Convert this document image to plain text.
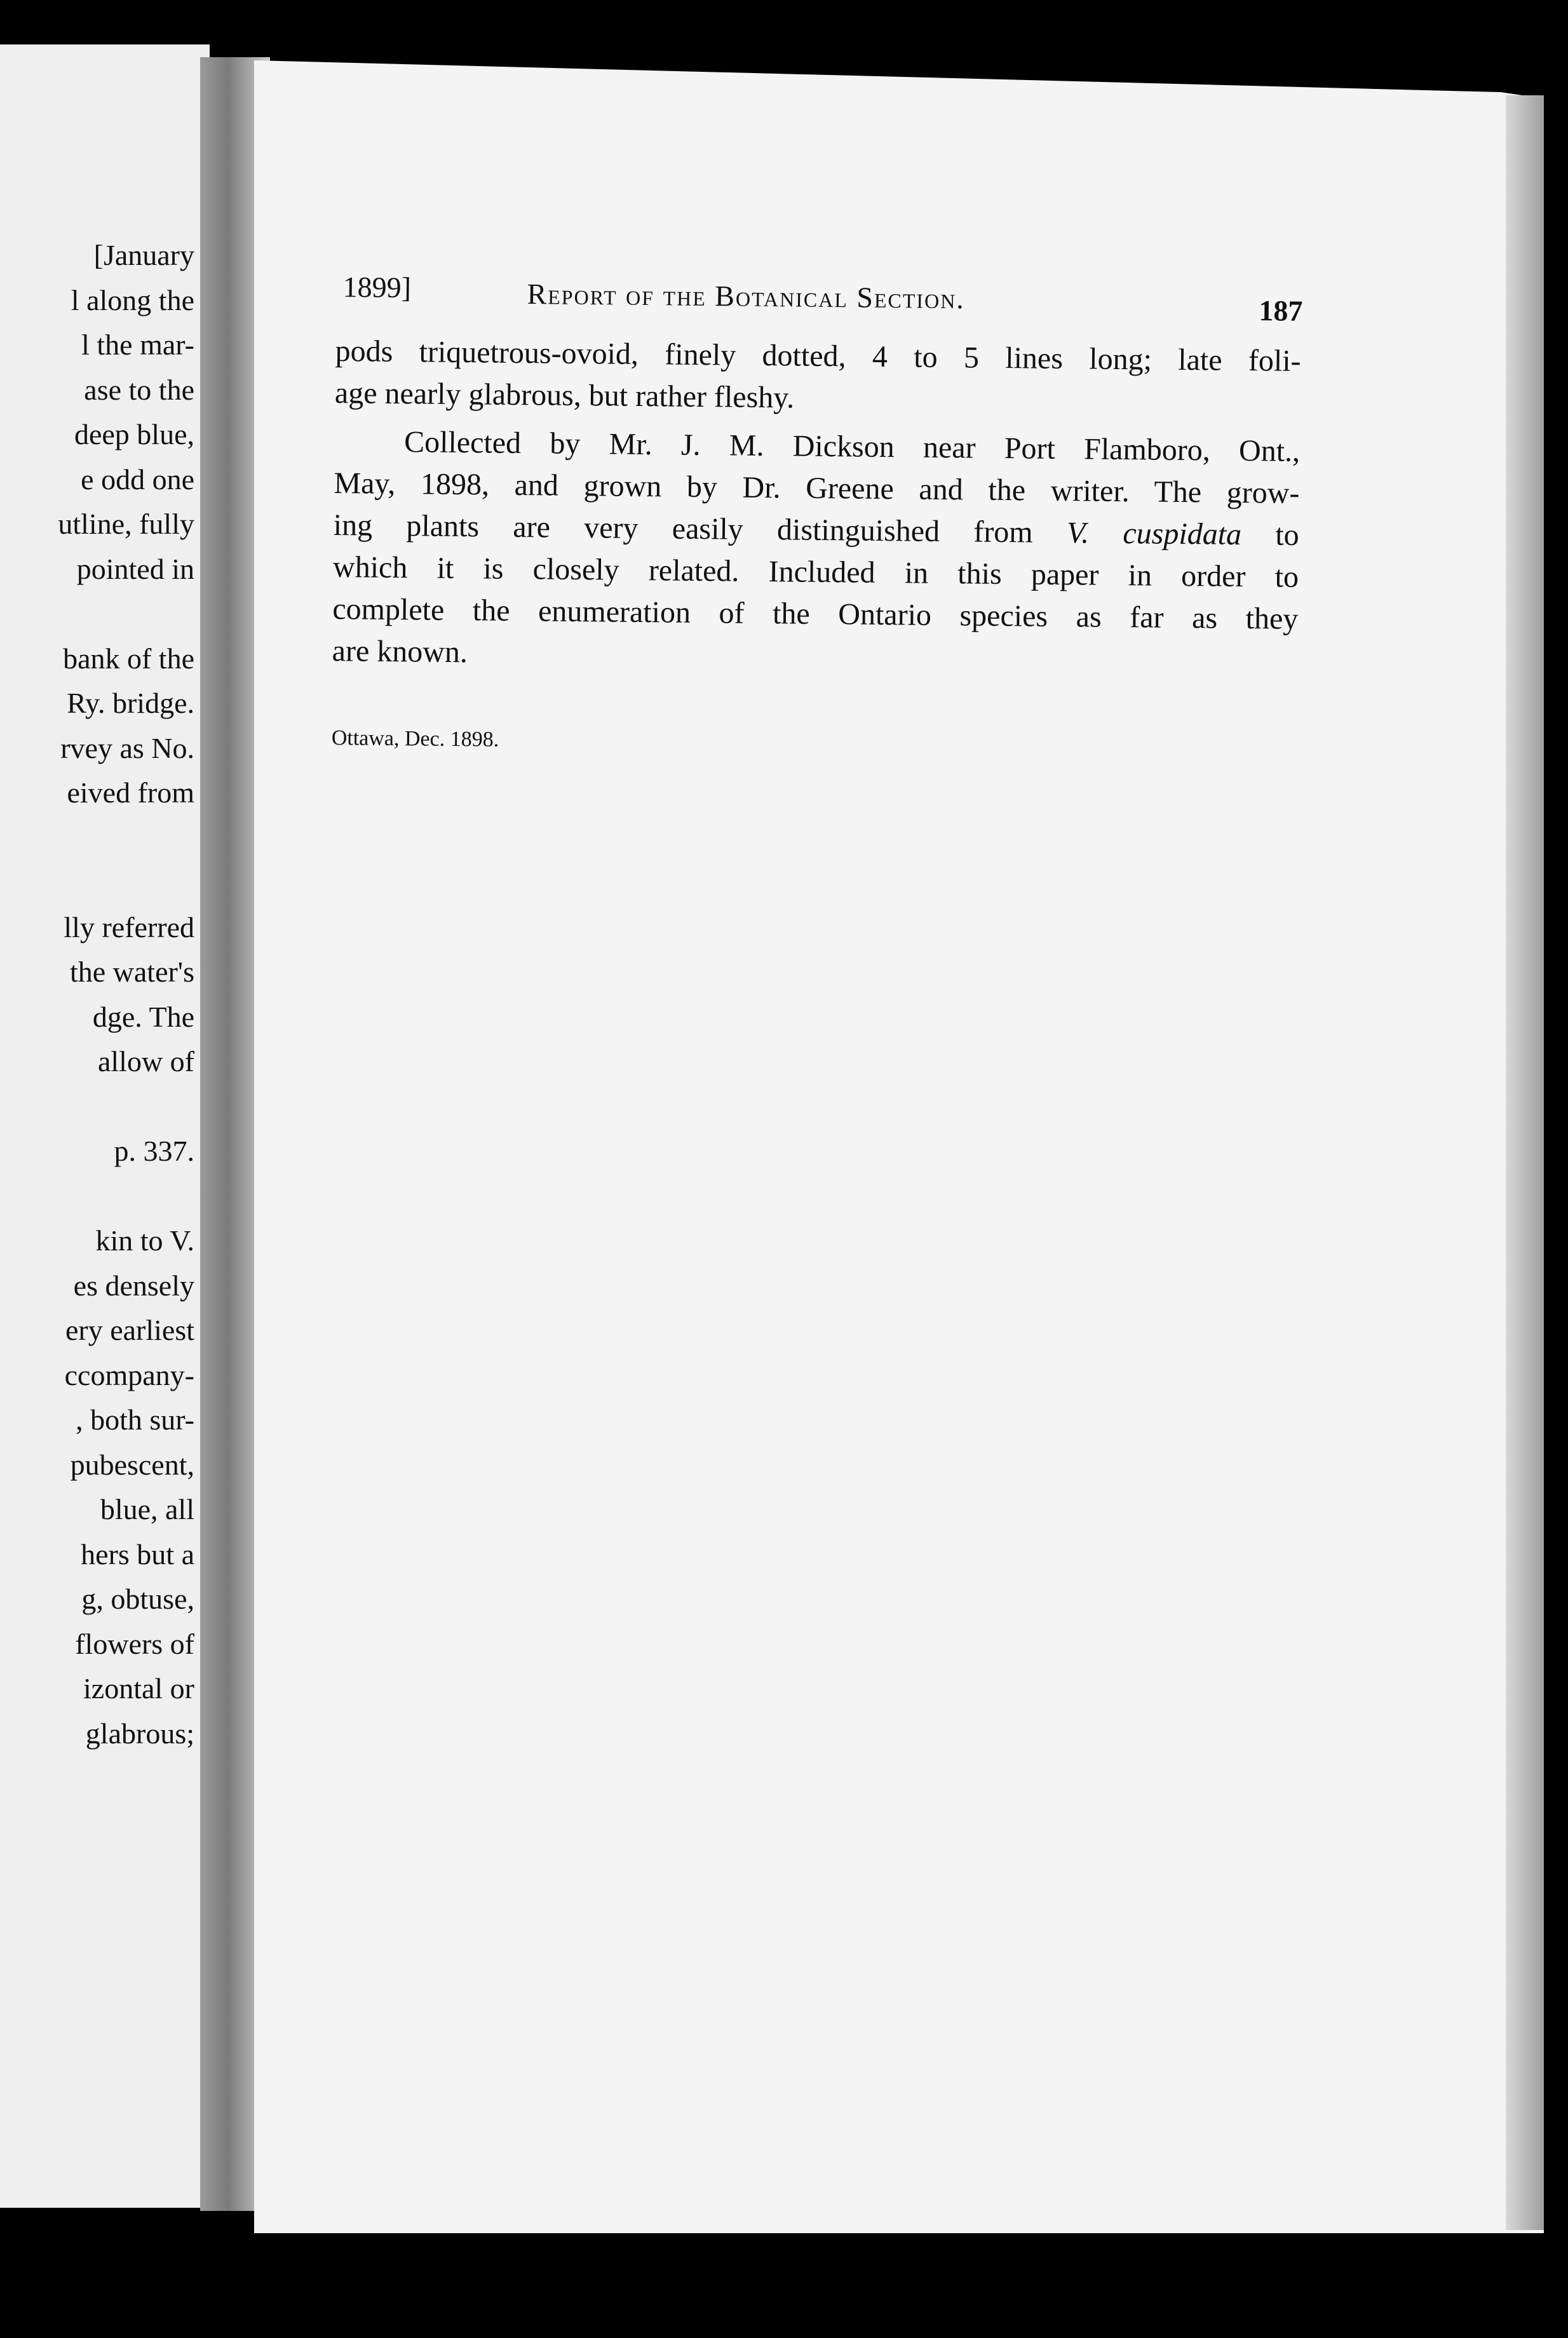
[January
l along the
l the mar-
ase to the
deep blue,
e odd one
utline, fully
pointed in
bank of the
Ry. bridge.
rvey as No.
eived from
lly referred
the water's
dge. The
allow of
p. 337.
kin to V.
es densely
ery earliest
ccompany-
, both sur-
pubescent,
blue, all
hers but a
g, obtuse,
flowers of
izontal or
glabrous;
1899]	Report of the Botanical Section.	187

pods triquetrous-ovoid, finely dotted, 4 to 5 lines long; late foli-
age nearly glabrous, but rather fleshy.

Collected by Mr. J. M. Dickson near Port Flamboro, Ont.,
May, 1898, and grown by Dr. Greene and the writer. The grow-
ing plants are very easily distinguished from V. cuspidata to
which it is closely related. Included in this paper in order to
complete the enumeration of the Ontario species as far as they
are known.

Ottawa, Dec. 1898.
